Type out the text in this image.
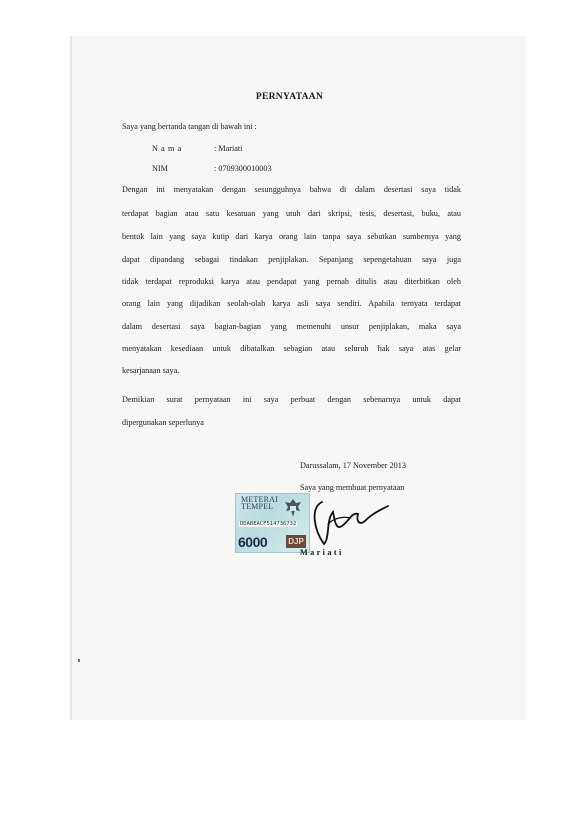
PERNYATAAN
Saya yang bertanda tangan di bawah ini :
N a m a	: Mariati
NIM	: 0709300010003
Dengan ini menyatakan dengan sesungguhnya bahwa di dalam desertasi saya tidak
terdapat bagian atau satu kesatuan yang utuh dari skripsi, tesis, desertasi, buku, atau
bentuk lain yang saya kutip dari karya orang lain tanpa saya sebutkan sumbernya yang
dapat dipandang sebagai tindakan penjiplakan. Sepanjang sepengetahuan saya juga
tidak terdapat reproduksi karya atau pendapat yang pernah ditulis atau diterbitkan oleh
orang lain yang dijadikan seolah-olah karya asli saya sendiri. Apabila ternyata terdapat
dalam desertasi saya bagian-bagian yang memenuhi unsur penjiplakan, maka saya
menyatakan kesediaan untuk dibatalkan sebagian atau seluruh hak saya atas gelar
kesarjanaan saya.
Demikian surat pernyataan ini saya perbuat dengan sebenarnya untuk dapat
dipergunakan seperlunya
Darussalam, 17 November 2013
Saya yang membuat pernyataan
METERAI
TEMPEL
DDABEACF514736732
6000	DJP
Mariati
